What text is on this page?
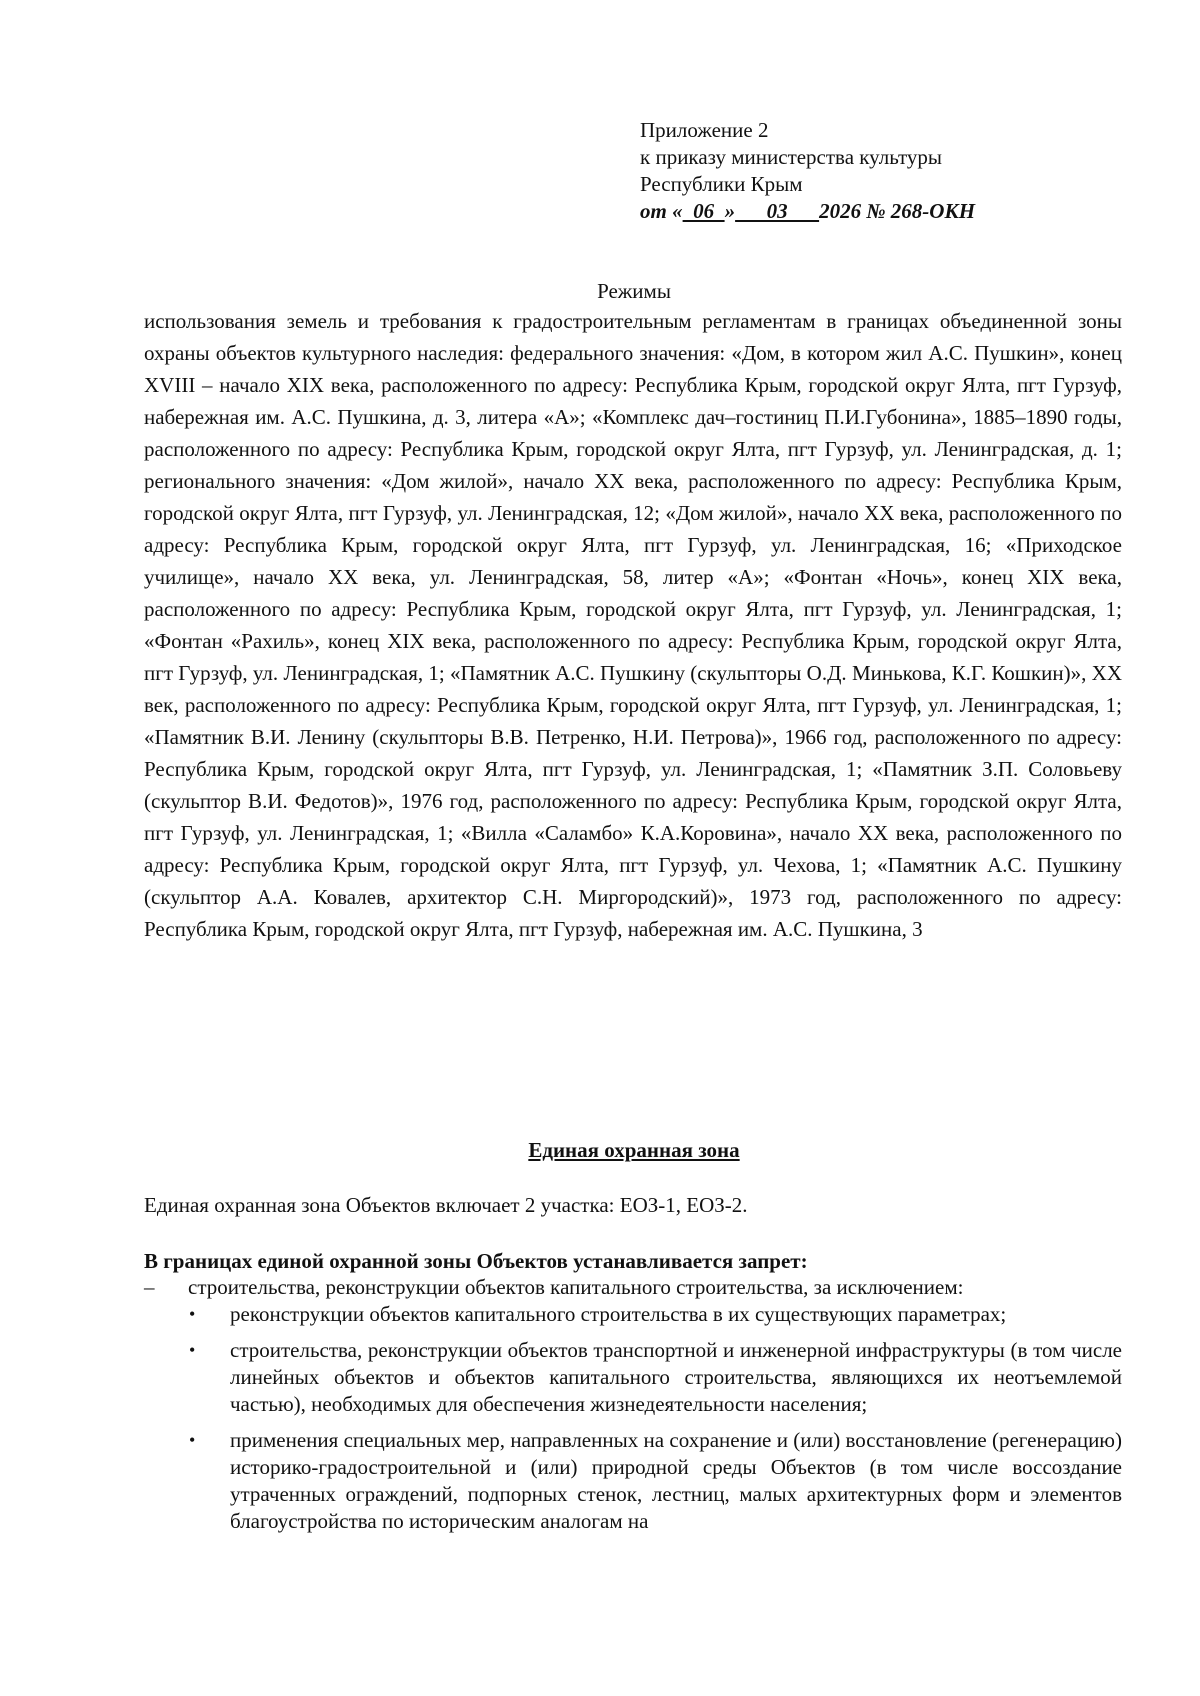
Приложение 2
к приказу министерства культуры
Республики Крым
от «  06  »      03      2026 № 268-ОКН
Режимы

использования земель и требования к градостроительным регламентам в границах объединенной зоны охраны объектов культурного наследия: федерального значения: «Дом, в котором жил А.С. Пушкин», конец XVIII – начало XIX века, расположенного по адресу: Республика Крым, городской округ Ялта, пгт Гурзуф, набережная им. А.С. Пушкина, д. 3, литера «А»; «Комплекс дач–гостиниц П.И.Губонина», 1885–1890 годы, расположенного по адресу: Республика Крым, городской округ Ялта, пгт Гурзуф, ул. Ленинградская, д. 1; регионального значения: «Дом жилой», начало XX века, расположенного по адресу: Республика Крым, городской округ Ялта, пгт Гурзуф, ул. Ленинградская, 12; «Дом жилой», начало XX века, расположенного по адресу: Республика Крым, городской округ Ялта, пгт Гурзуф, ул. Ленинградская, 16; «Приходское училище», начало XX века, ул. Ленинградская, 58, литер «А»; «Фонтан «Ночь», конец XIX века, расположенного по адресу: Республика Крым, городской округ Ялта, пгт Гурзуф, ул. Ленинградская, 1; «Фонтан «Рахиль», конец XIX века, расположенного по адресу: Республика Крым, городской округ Ялта, пгт Гурзуф, ул. Ленинградская, 1; «Памятник А.С. Пушкину (скульпторы О.Д. Минькова, К.Г. Кошкин)», XX век, расположенного по адресу: Республика Крым, городской округ Ялта, пгт Гурзуф, ул. Ленинградская, 1; «Памятник В.И. Ленину (скульпторы В.В. Петренко, Н.И. Петрова)», 1966 год, расположенного по адресу: Республика Крым, городской округ Ялта, пгт Гурзуф, ул. Ленинградская, 1; «Памятник З.П. Соловьеву (скульптор В.И. Федотов)», 1976 год, расположенного по адресу: Республика Крым, городской округ Ялта, пгт Гурзуф, ул. Ленинградская, 1; «Вилла «Саламбо» К.А.Коровина», начало XX века, расположенного по адресу: Республика Крым, городской округ Ялта, пгт Гурзуф, ул. Чехова, 1; «Памятник А.С. Пушкину (скульптор А.А. Ковалев, архитектор С.Н. Миргородский)», 1973 год, расположенного по адресу: Республика Крым, городской округ Ялта, пгт Гурзуф, набережная им. А.С. Пушкина, 3

Единая охранная зона

Единая охранная зона Объектов включает 2 участка: ЕОЗ-1, ЕОЗ-2.

В границах единой охранной зоны Объектов устанавливается запрет:

–	строительства, реконструкции объектов капитального строительства, за исключением:
•	реконструкции объектов капитального строительства в их существующих параметрах;
•	строительства, реконструкции объектов транспортной и инженерной инфраструктуры (в том числе линейных объектов и объектов капитального строительства, являющихся их неотъемлемой частью), необходимых для обеспечения жизнедеятельности населения;
•	применения специальных мер, направленных на сохранение и (или) восстановление (регенерацию) историко-градостроительной и (или) природной среды Объектов (в том числе воссоздание утраченных ограждений, подпорных стенок, лестниц, малых архитектурных форм и элементов благоустройства по историческим аналогам на
